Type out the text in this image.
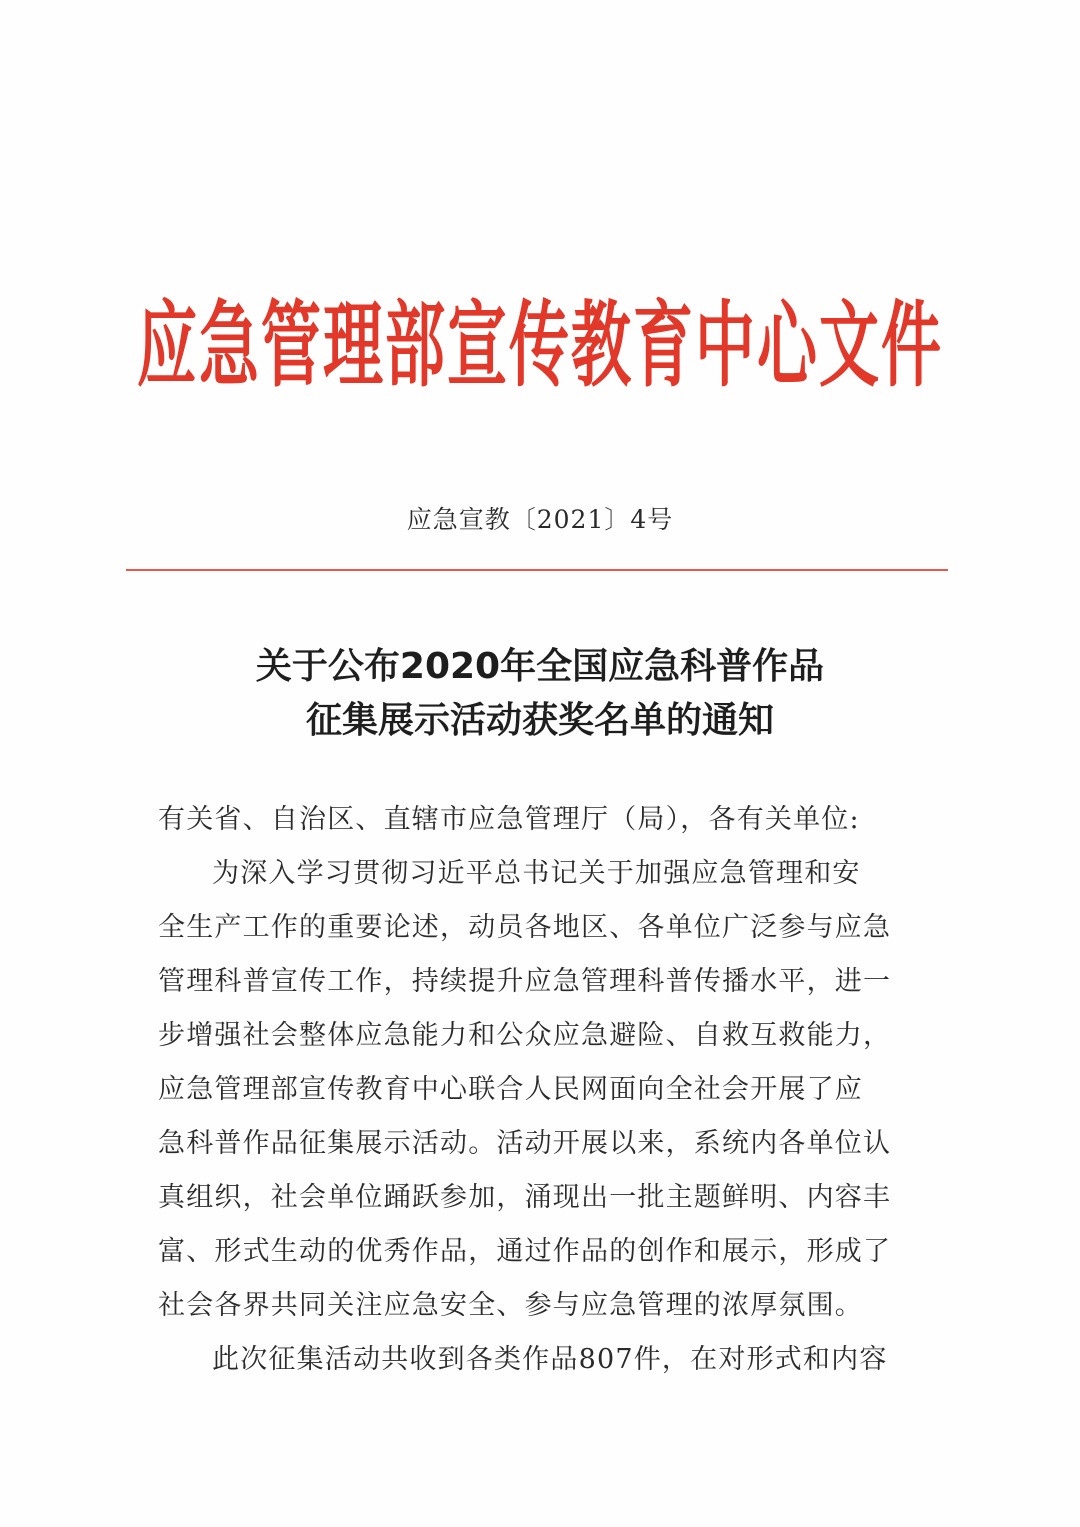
应急管理部宣传教育中心文件
应急宣教〔2021〕4号
关于公布2020年全国应急科普作品
征集展示活动获奖名单的通知
有关省、自治区、直辖市应急管理厅（局），各有关单位:
为深入学习贯彻习近平总书记关于加强应急管理和安
全生产工作的重要论述，动员各地区、各单位广泛参与应急
管理科普宣传工作，持续提升应急管理科普传播水平，进一
步增强社会整体应急能力和公众应急避险、自救互救能力，
应急管理部宣传教育中心联合人民网面向全社会开展了应
急科普作品征集展示活动。活动开展以来，系统内各单位认
真组织，社会单位踊跃参加，涌现出一批主题鲜明、内容丰
富、形式生动的优秀作品，通过作品的创作和展示，形成了
社会各界共同关注应急安全、参与应急管理的浓厚氛围。
此次征集活动共收到各类作品807件，在对形式和内容
